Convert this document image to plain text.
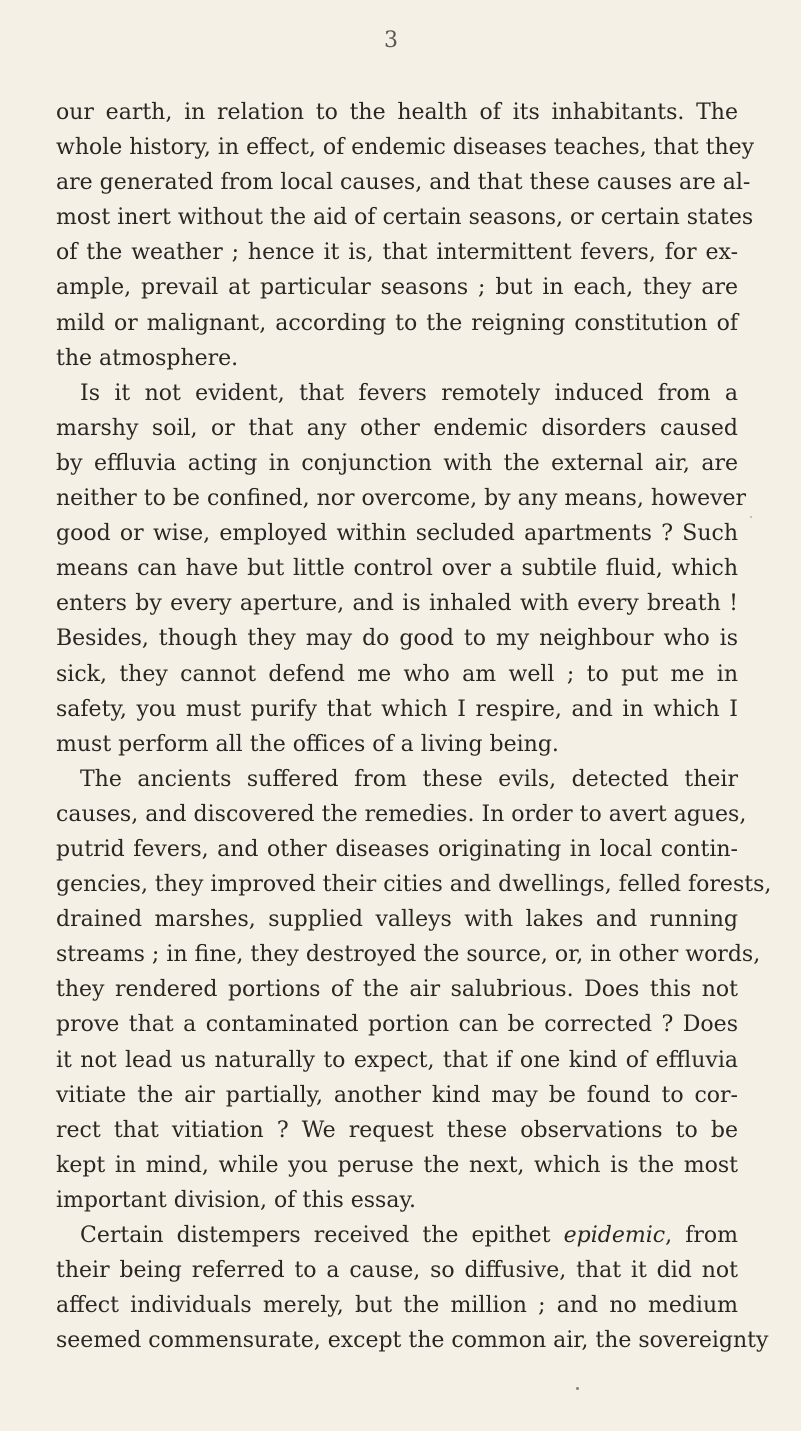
3
our earth, in relation to the health of its inhabitants. The
whole history, in effect, of endemic diseases teaches, that they
are generated from local causes, and that these causes are al-
most inert without the aid of certain seasons, or certain states
of the weather ; hence it is, that intermittent fevers, for ex-
ample, prevail at particular seasons ; but in each, they are
mild or malignant, according to the reigning constitution of
the atmosphere.
Is it not evident, that fevers remotely induced from a
marshy soil, or that any other endemic disorders caused
by effluvia acting in conjunction with the external air, are
neither to be confined, nor overcome, by any means, however
good or wise, employed within secluded apartments ? Such
means can have but little control over a subtile fluid, which
enters by every aperture, and is inhaled with every breath !
Besides, though they may do good to my neighbour who is
sick, they cannot defend me who am well ; to put me in
safety, you must purify that which I respire, and in which I
must perform all the offices of a living being.
The ancients suffered from these evils, detected their
causes, and discovered the remedies. In order to avert agues,
putrid fevers, and other diseases originating in local contin-
gencies, they improved their cities and dwellings, felled forests,
drained marshes, supplied valleys with lakes and running
streams ; in fine, they destroyed the source, or, in other words,
they rendered portions of the air salubrious. Does this not
prove that a contaminated portion can be corrected ? Does
it not lead us naturally to expect, that if one kind of effluvia
vitiate the air partially, another kind may be found to cor-
rect that vitiation ? We request these observations to be
kept in mind, while you peruse the next, which is the most
important division, of this essay.
Certain distempers received the epithet epidemic, from
their being referred to a cause, so diffusive, that it did not
affect individuals merely, but the million ; and no medium
seemed commensurate, except the common air, the sovereignty
